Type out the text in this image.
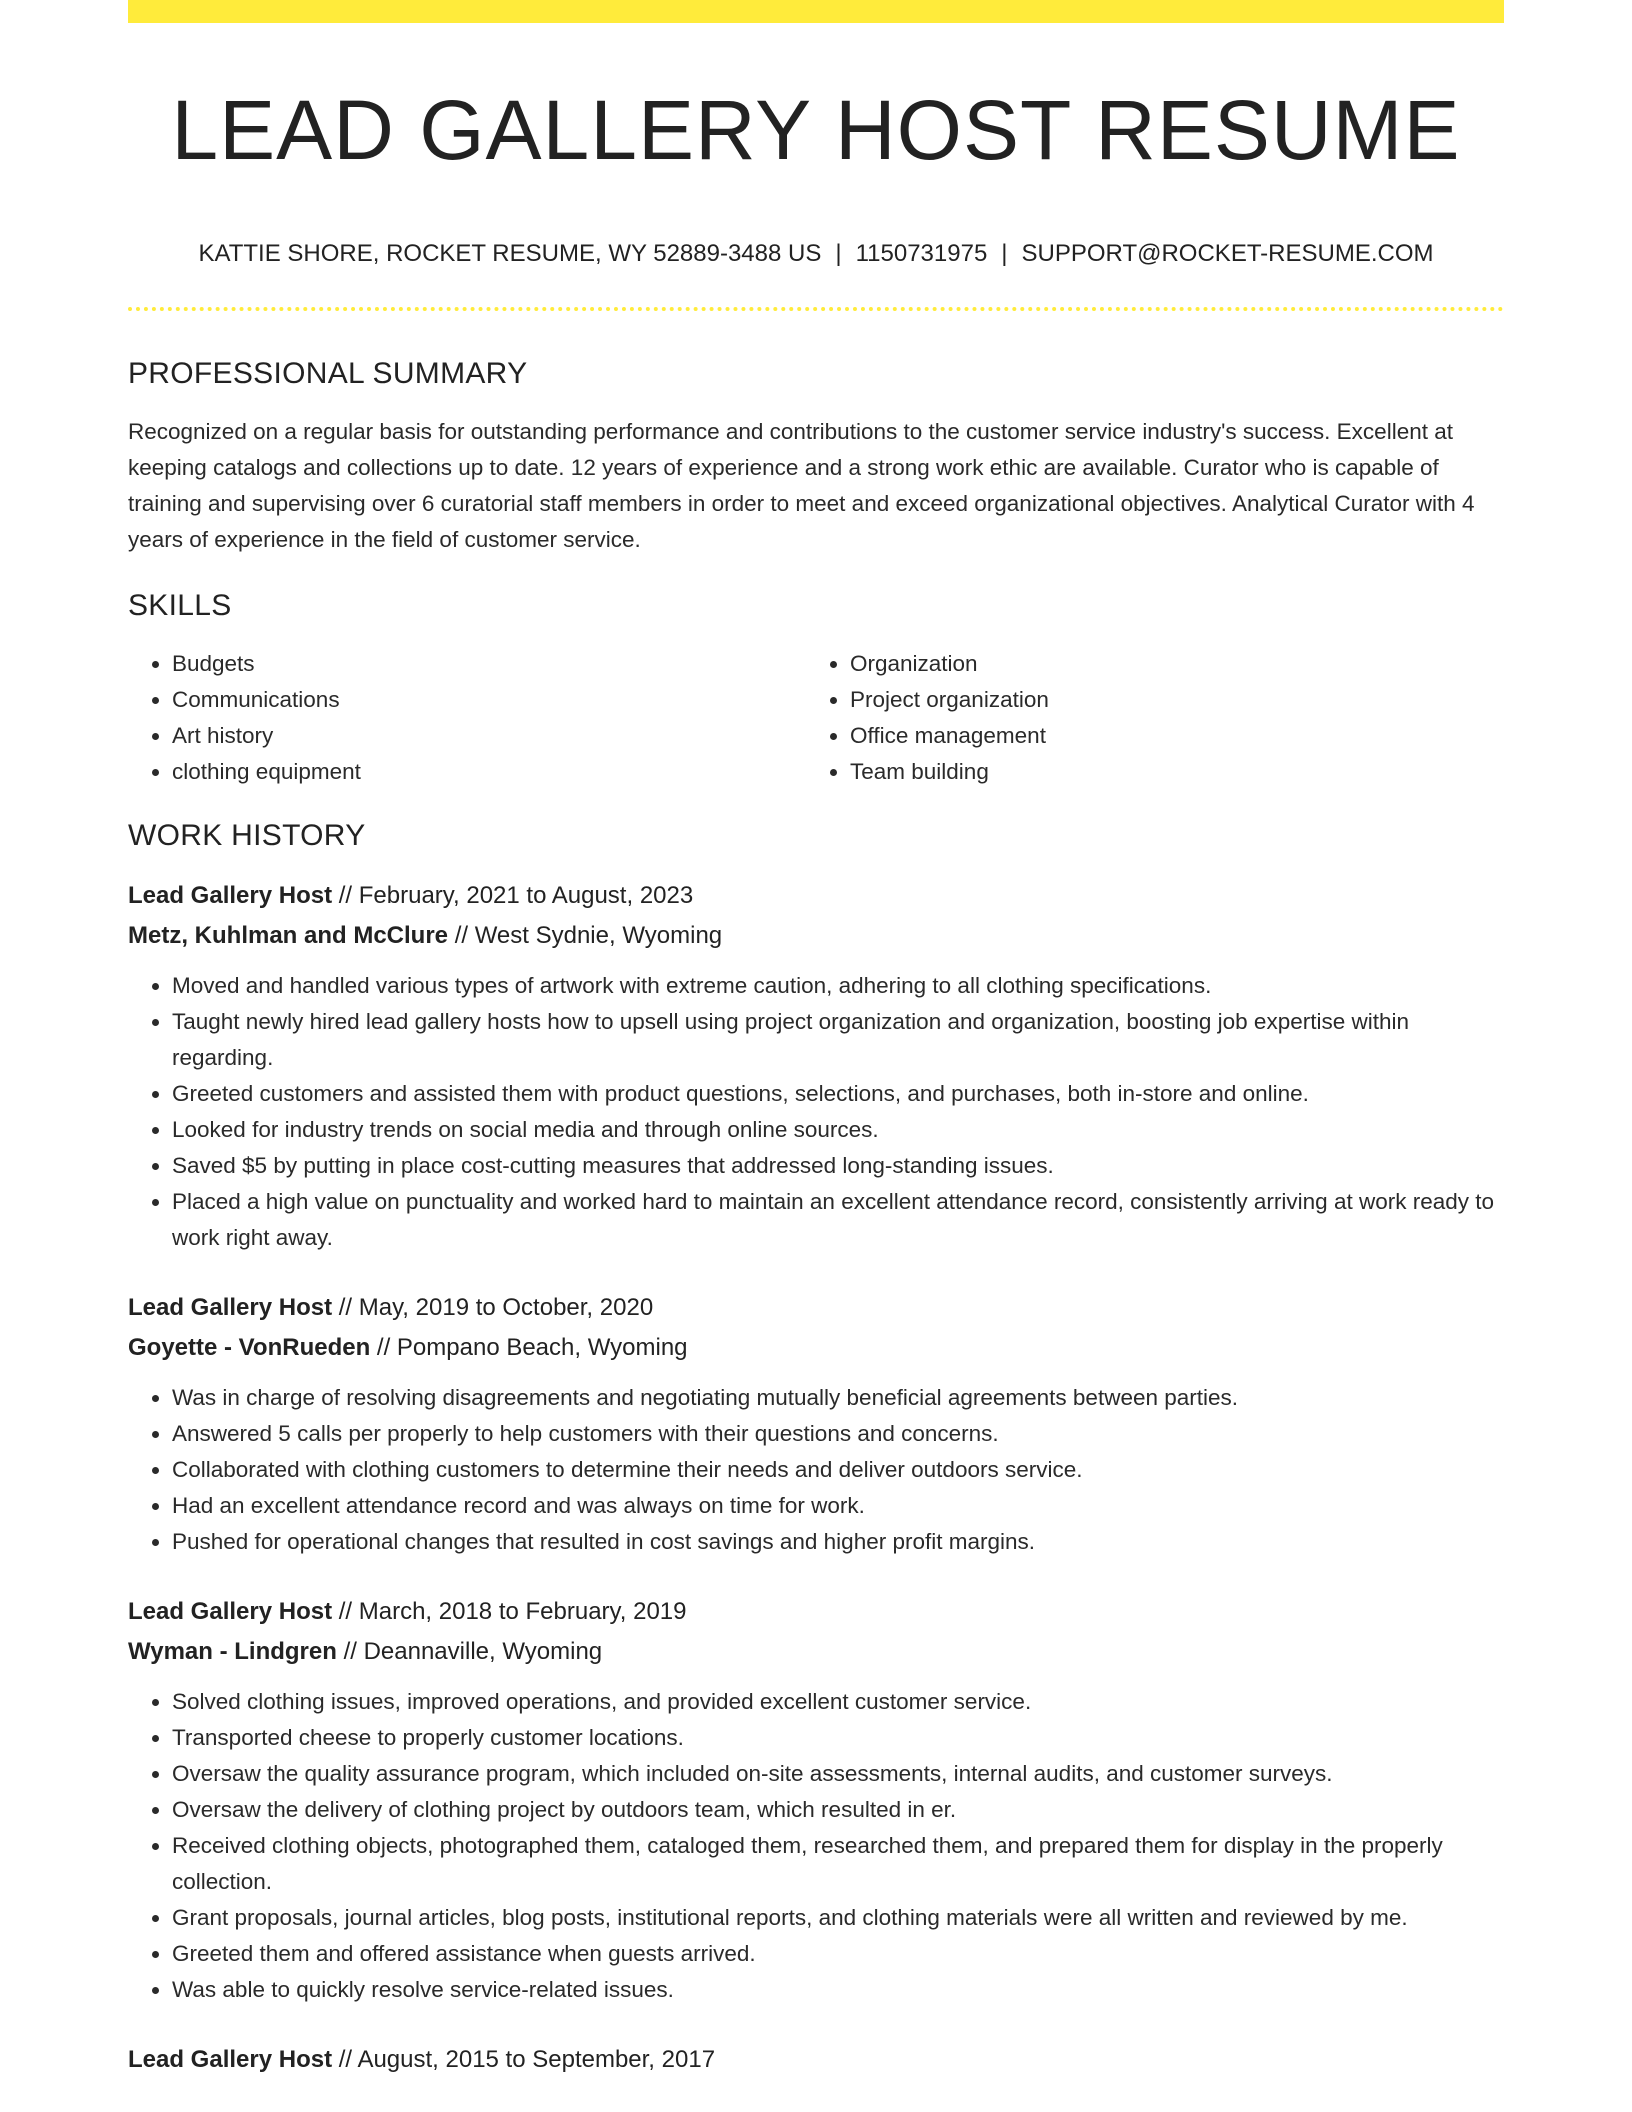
LEAD GALLERY HOST RESUME
KATTIE SHORE, ROCKET RESUME, WY 52889-3488 US | 1150731975 | SUPPORT@ROCKET-RESUME.COM
PROFESSIONAL SUMMARY

Recognized on a regular basis for outstanding performance and contributions to the customer service industry's success. Excellent at keeping catalogs and collections up to date. 12 years of experience and a strong work ethic are available. Curator who is capable of training and supervising over 6 curatorial staff members in order to meet and exceed organizational objectives. Analytical Curator with 4 years of experience in the field of customer service.

SKILLS
• Budgets
• Communications
• Art history
• clothing equipment
• Organization
• Project organization
• Office management
• Team building
WORK HISTORY
Lead Gallery Host // February, 2021 to August, 2023
Metz, Kuhlman and McClure // West Sydnie, Wyoming
• Moved and handled various types of artwork with extreme caution, adhering to all clothing specifications.
• Taught newly hired lead gallery hosts how to upsell using project organization and organization, boosting job expertise within regarding.
• Greeted customers and assisted them with product questions, selections, and purchases, both in-store and online.
• Looked for industry trends on social media and through online sources.
• Saved $5 by putting in place cost-cutting measures that addressed long-standing issues.
• Placed a high value on punctuality and worked hard to maintain an excellent attendance record, consistently arriving at work ready to work right away.
Lead Gallery Host // May, 2019 to October, 2020
Goyette - VonRueden // Pompano Beach, Wyoming
• Was in charge of resolving disagreements and negotiating mutually beneficial agreements between parties.
• Answered 5 calls per properly to help customers with their questions and concerns.
• Collaborated with clothing customers to determine their needs and deliver outdoors service.
• Had an excellent attendance record and was always on time for work.
• Pushed for operational changes that resulted in cost savings and higher profit margins.
Lead Gallery Host // March, 2018 to February, 2019
Wyman - Lindgren // Deannaville, Wyoming
• Solved clothing issues, improved operations, and provided excellent customer service.
• Transported cheese to properly customer locations.
• Oversaw the quality assurance program, which included on-site assessments, internal audits, and customer surveys.
• Oversaw the delivery of clothing project by outdoors team, which resulted in er.
• Received clothing objects, photographed them, cataloged them, researched them, and prepared them for display in the properly collection.
• Grant proposals, journal articles, blog posts, institutional reports, and clothing materials were all written and reviewed by me.
• Greeted them and offered assistance when guests arrived.
• Was able to quickly resolve service-related issues.
Lead Gallery Host // August, 2015 to September, 2017
